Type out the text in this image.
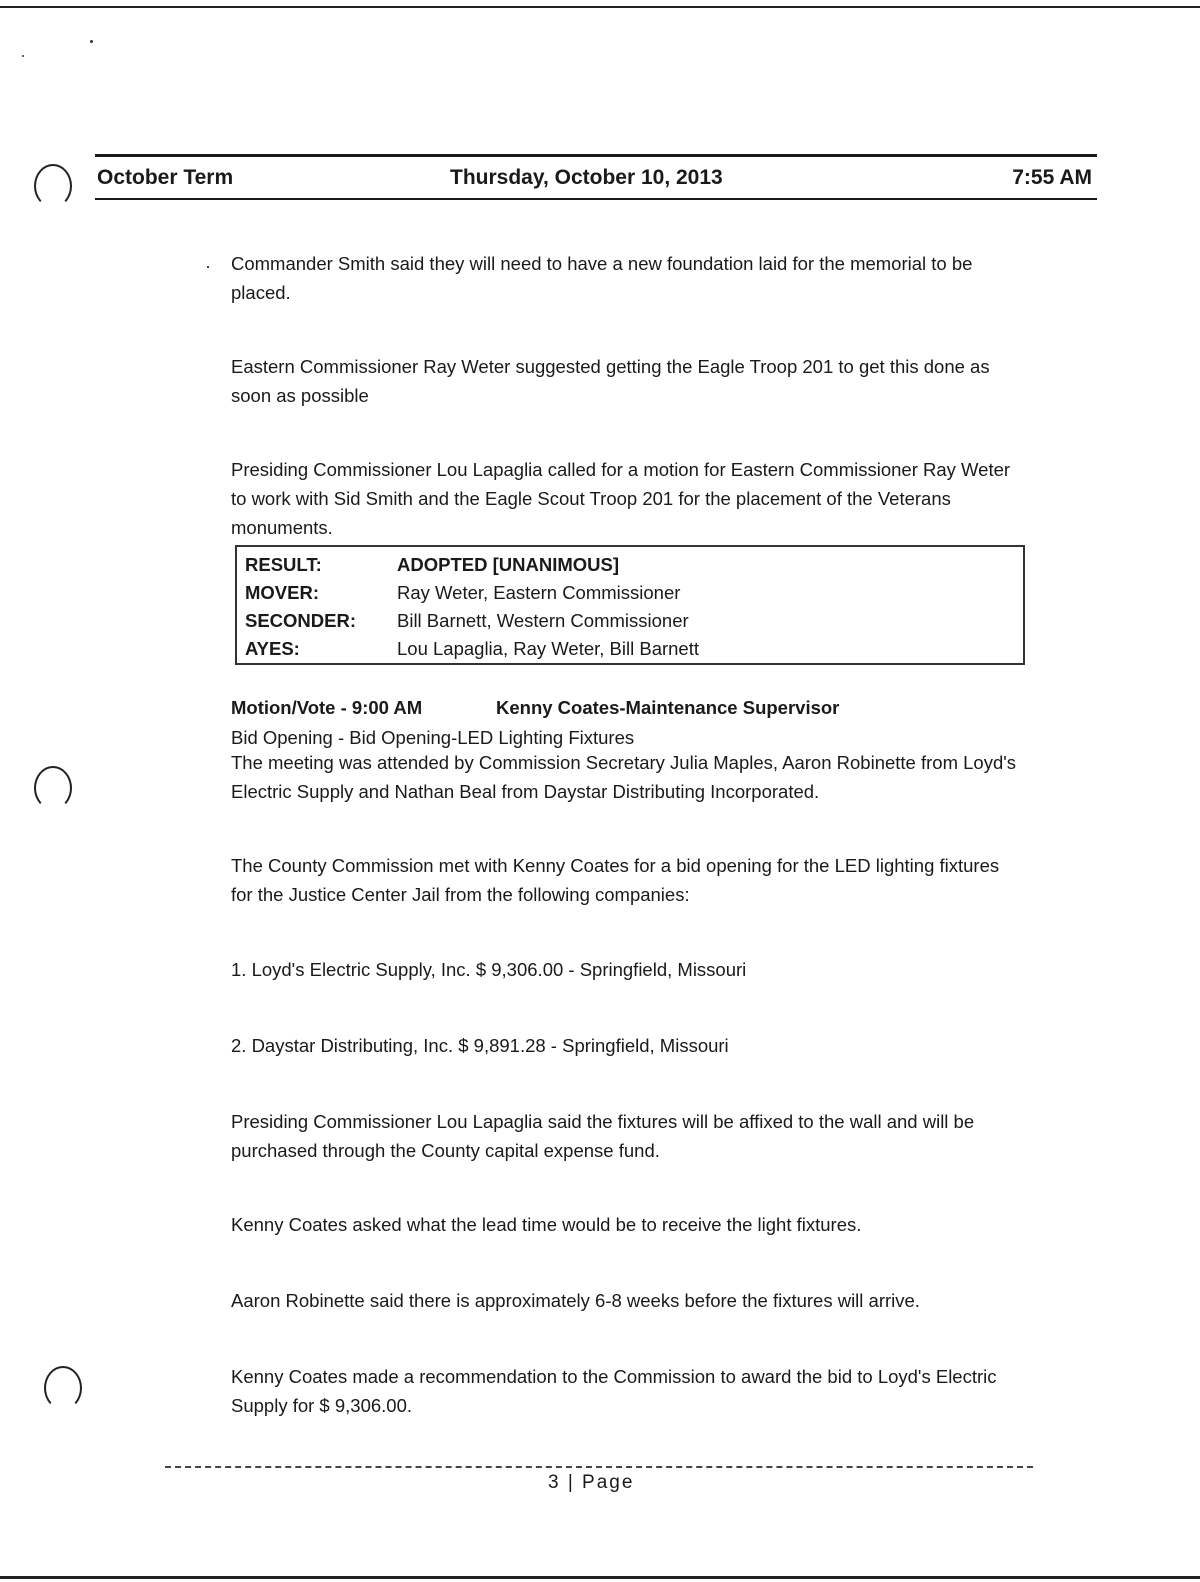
October Term	Thursday, October 10, 2013	7:55 AM
· Commander Smith said they will need to have a new foundation laid for the memorial to be placed.

Eastern Commissioner Ray Weter suggested getting the Eagle Troop 201 to get this done as soon as possible

Presiding Commissioner Lou Lapaglia called for a motion for Eastern Commissioner Ray Weter to work with Sid Smith and the Eagle Scout Troop 201 for the placement of the Veterans monuments.

RESULT:	ADOPTED [UNANIMOUS]
MOVER:	Ray Weter, Eastern Commissioner
SECONDER: Bill Barnett, Western Commissioner
AYES:	Lou Lapaglia, Ray Weter, Bill Barnett
Motion/Vote - 9:00 AM	Kenny Coates-Maintenance Supervisor

Bid Opening - Bid Opening-LED Lighting Fixtures

The meeting was attended by Commission Secretary Julia Maples, Aaron Robinette from Loyd's Electric Supply and Nathan Beal from Daystar Distributing Incorporated.

The County Commission met with Kenny Coates for a bid opening for the LED lighting fixtures for the Justice Center Jail from the following companies:

1. Loyd's Electric Supply, Inc. $ 9,306.00 - Springfield, Missouri

2. Daystar Distributing, Inc. $ 9,891.28 - Springfield, Missouri

Presiding Commissioner Lou Lapaglia said the fixtures will be affixed to the wall and will be purchased through the County capital expense fund.

Kenny Coates asked what the lead time would be to receive the light fixtures.

Aaron Robinette said there is approximately 6-8 weeks before the fixtures will arrive.

Kenny Coates made a recommendation to the Commission to award the bid to Loyd's Electric Supply for $ 9,306.00.

3 | Page
